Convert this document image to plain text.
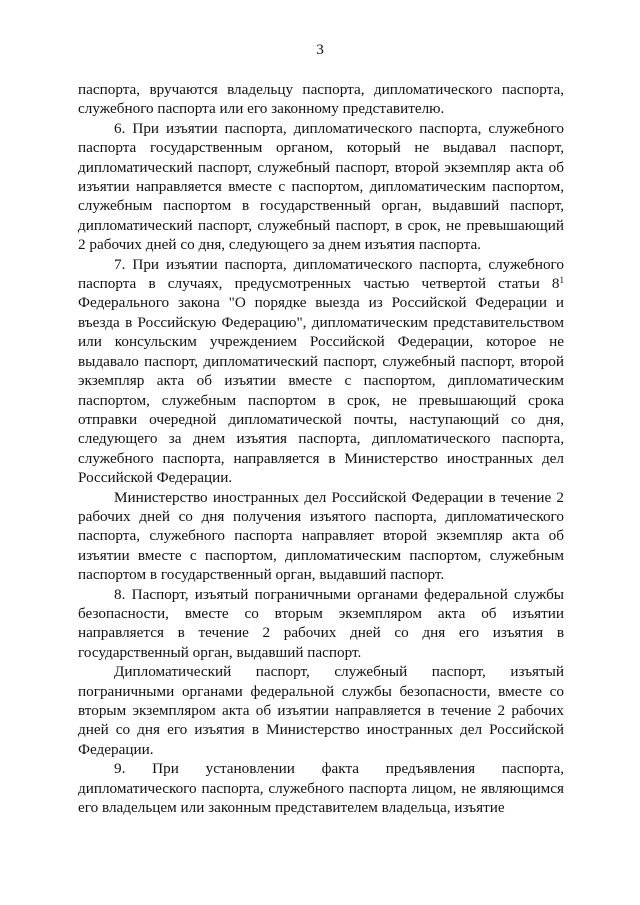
3

паспорта, вручаются владельцу паспорта, дипломатического паспорта, служебного паспорта или его законному представителю.

6. При изъятии паспорта, дипломатического паспорта, служебного паспорта государственным органом, который не выдавал паспорт, дипломатический паспорт, служебный паспорт, второй экземпляр акта об изъятии направляется вместе с паспортом, дипломатическим паспортом, служебным паспортом в государственный орган, выдавший паспорт, дипломатический паспорт, служебный паспорт, в срок, не превышающий 2 рабочих дней со дня, следующего за днем изъятия паспорта.

7. При изъятии паспорта, дипломатического паспорта, служебного паспорта в случаях, предусмотренных частью четвертой статьи $8^1$ Федерального закона "О порядке выезда из Российской Федерации и въезда в Российскую Федерацию", дипломатическим представительством или консульским учреждением Российской Федерации, которое не выдавало паспорт, дипломатический паспорт, служебный паспорт, второй экземпляр акта об изъятии вместе с паспортом, дипломатическим паспортом, служебным паспортом в срок, не превышающий срока отправки очередной дипломатической почты, наступающий со дня, следующего за днем изъятия паспорта, дипломатического паспорта, служебного паспорта, направляется в Министерство иностранных дел Российской Федерации.

Министерство иностранных дел Российской Федерации в течение 2 рабочих дней со дня получения изъятого паспорта, дипломатического паспорта, служебного паспорта направляет второй экземпляр акта об изъятии вместе с паспортом, дипломатическим паспортом, служебным паспортом в государственный орган, выдавший паспорт.

8. Паспорт, изъятый пограничными органами федеральной службы безопасности, вместе со вторым экземпляром акта об изъятии направляется в течение 2 рабочих дней со дня его изъятия в государственный орган, выдавший паспорт.

Дипломатический паспорт, служебный паспорт, изъятый пограничными органами федеральной службы безопасности, вместе со вторым экземпляром акта об изъятии направляется в течение 2 рабочих дней со дня его изъятия в Министерство иностранных дел Российской Федерации.

9. При установлении факта предъявления паспорта, дипломатического паспорта, служебного паспорта лицом, не являющимся его владельцем или законным представителем владельца, изъятие
